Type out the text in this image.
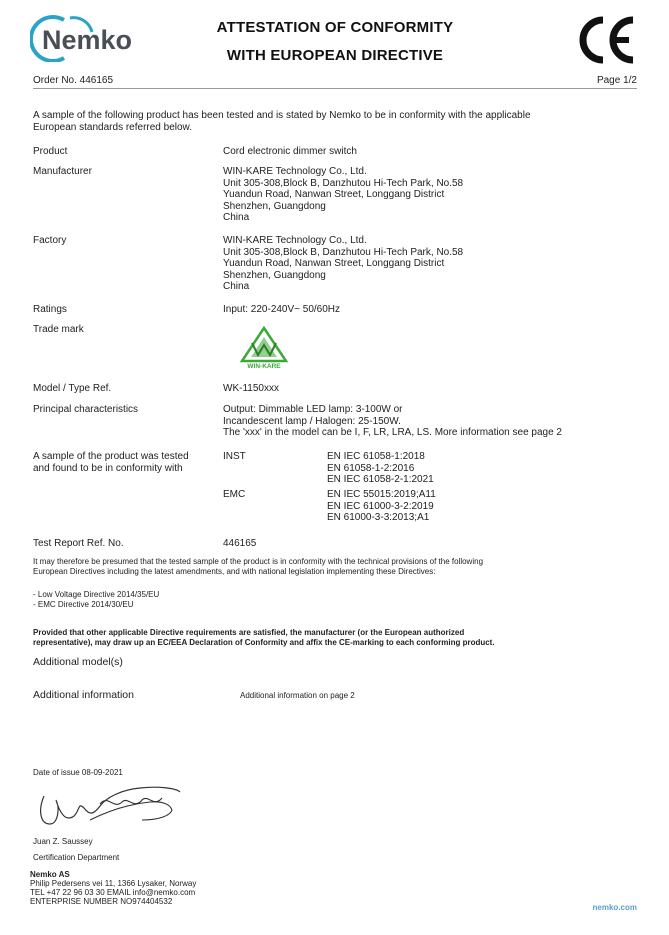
Nemko	ATTESTATION OF CONFORMITY
WITH EUROPEAN DIRECTIVE
Order No. 446165	Page 1/2
A sample of the following product has been tested and is stated by Nemko to be in conformity with the applicable
European standards referred below.
Product	Cord electronic dimmer switch
Manufacturer	WIN-KARE Technology Co., Ltd.
Unit 305-308,Block B, Danzhutou Hi-Tech Park, No.58
Yuandun Road, Nanwan Street, Longgang District
Shenzhen, Guangdong
China
Factory	WIN-KARE Technology Co., Ltd.
Unit 305-308,Block B, Danzhutou Hi-Tech Park, No.58
Yuandun Road, Nanwan Street, Longgang District
Shenzhen, Guangdong
China
Ratings	Input: 220-240V~ 50/60Hz
Trade mark
WIN-KARE
Model / Type Ref.	WK-1150xxx
Principal characteristics	Output: Dimmable LED lamp: 3-100W or
Incandescent lamp / Halogen: 25-150W.
The 'xxx' in the model can be I, F, LR, LRA, LS. More information see page 2
A sample of the product was tested
and found to be in conformity with
INST	EN IEC 61058-1:2018
EN 61058-1-2:2016
EN IEC 61058-2-1:2021
EMC	EN IEC 55015:2019;A11
EN IEC 61000-3-2:2019
EN 61000-3-3:2013;A1
Test Report Ref. No.	446165
It may therefore be presumed that the tested sample of the product is in conformity with the technical provisions of the following
European Directives including the latest amendments, and with national legislation implementing these Directives:
- Low Voltage Directive 2014/35/EU
- EMC Directive 2014/30/EU
Provided that other applicable Directive requirements are satisfied, the manufacturer (or the European authorized
representative), may draw up an EC/EEA Declaration of Conformity and affix the CE-marking to each conforming product.
Additional model(s)
Additional information	Additional information on page 2
Date of issue 08-09-2021
Juan Z. Saussey
Certification Department
Nemko AS
Philip Pedersens vei 11, 1366 Lysaker, Norway
TEL +47 22 96 03 30 EMAIL info@nemko.com
ENTERPRISE NUMBER NO974404532
nemko.com
